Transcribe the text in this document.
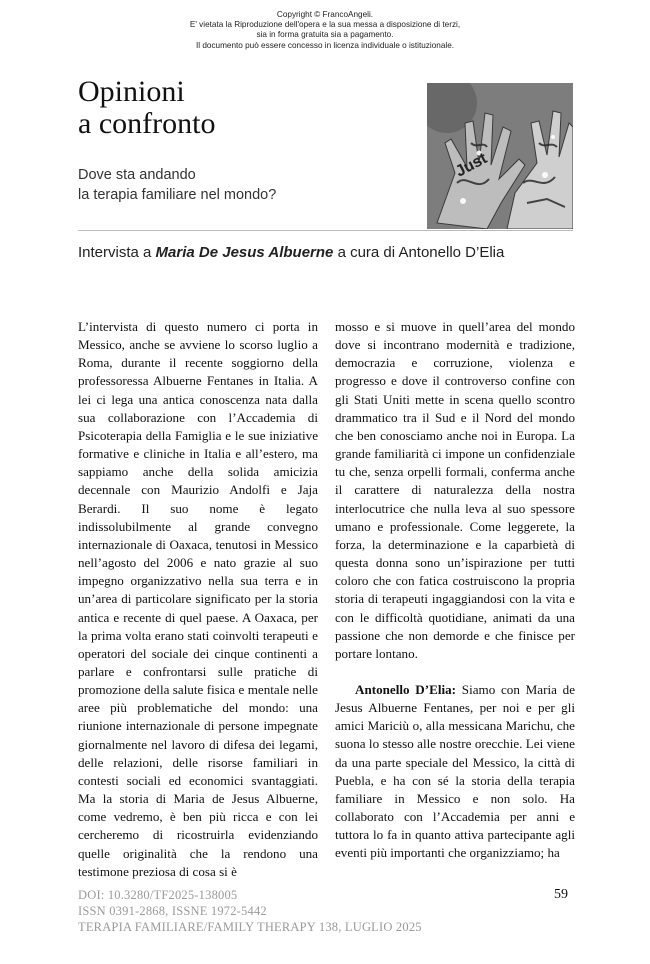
Copyright © FrancoAngeli.
E' vietata la Riproduzione dell'opera e la sua messa a disposizione di terzi,
sia in forma gratuita sia a pagamento.
Il documento può essere concesso in licenza individuale o istituzionale.
Opinioni
a confronto
Dove sta andando
la terapia familiare nel mondo?
Just
Intervista a Maria De Jesus Albuerne a cura di Antonello D’Elia

L’intervista di questo numero ci porta in Messico, anche se avviene lo scorso luglio a Roma, durante il recente soggiorno della professoressa Albuerne Fentanes in Italia. A lei ci lega una antica conoscenza nata dalla sua collaborazione con l’Accademia di Psicoterapia della Famiglia e le sue iniziative formative e cliniche in Italia e all’estero, ma sappiamo anche della solida amicizia decennale con Maurizio Andolfi e Jaja Berardi. Il suo nome è legato indissolubilmente al grande convegno internazionale di Oaxaca, tenutosi in Messico nell’agosto del 2006 e nato grazie al suo impegno organizzativo nella sua terra e in un’area di particolare significato per la storia antica e recente di quel paese. A Oaxaca, per la prima volta erano stati coinvolti terapeuti e operatori del sociale dei cinque continenti a parlare e confrontarsi sulle pratiche di promozione della salute fisica e mentale nelle aree più problematiche del mondo: una riunione internazionale di persone impegnate giornalmente nel lavoro di difesa dei legami, delle relazioni, delle risorse familiari in contesti sociali ed economici svantaggiati. Ma la storia di Maria de Jesus Albuerne, come vedremo, è ben più ricca e con lei cercheremo di ricostruirla evidenziando quelle originalità che la rendono una testimone preziosa di cosa si è

mosso e si muove in quell’area del mondo dove si incontrano modernità e tradizione, democrazia e corruzione, violenza e progresso e dove il controverso confine con gli Stati Uniti mette in scena quello scontro drammatico tra il Sud e il Nord del mondo che ben conosciamo anche noi in Europa. La grande familiarità ci impone un confidenziale tu che, senza orpelli formali, conferma anche il carattere di naturalezza della nostra interlocutrice che nulla leva al suo spessore umano e professionale. Come leggerete, la forza, la determinazione e la caparbietà di questa donna sono un’ispirazione per tutti coloro che con fatica costruiscono la propria storia di terapeuti ingaggiandosi con la vita e con le difficoltà quotidiane, animati da una passione che non demorde e che finisce per portare lontano.

Antonello D’Elia: Siamo con Maria de Jesus Albuerne Fentanes, per noi e per gli amici Mariciù o, alla messicana Marichu, che suona lo stesso alle nostre orecchie. Lei viene da una parte speciale del Messico, la città di Puebla, e ha con sé la storia della terapia familiare in Messico e non solo. Ha collaborato con l’Accademia per anni e tuttora lo fa in quanto attiva partecipante agli eventi più importanti che organizziamo; ha

DOI: 10.3280/TF2025-138005
ISSN 0391-2868, ISSNE 1972-5442
TERAPIA FAMILIARE/FAMILY THERAPY 138, LUGLIO 2025
59
